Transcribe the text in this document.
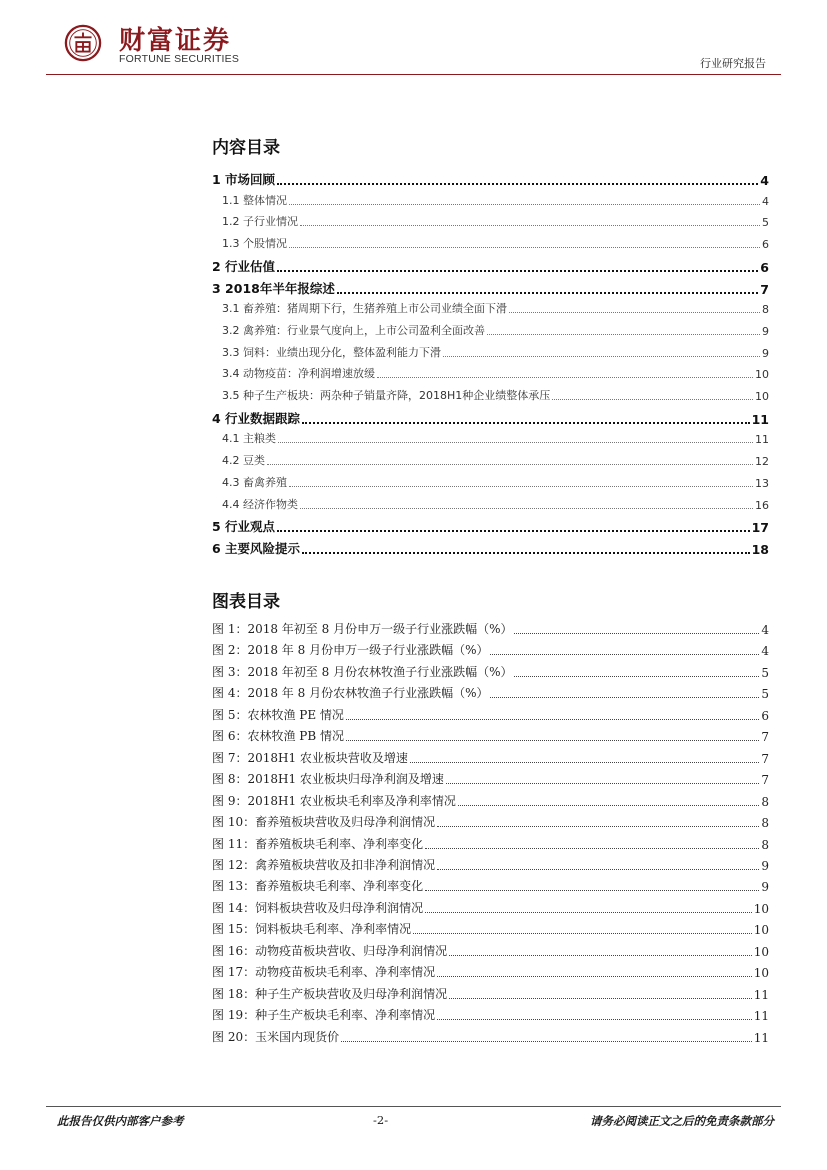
财富证券
FORTUNE SECURITIES	行业研究报告
内容目录
1 市场回顾	4
1.1 整体情况	4
1.2 子行业情况	5
1.3 个股情况	6
2 行业估值	6
3 2018年半年报综述	7
3.1 畜养殖：猪周期下行，生猪养殖上市公司业绩全面下滑	8
3.2 禽养殖：行业景气度向上，上市公司盈利全面改善	9
3.3 饲料：业绩出现分化，整体盈利能力下滑	9
3.4 动物疫苗：净利润增速放缓	10
3.5 种子生产板块：两杂种子销量齐降，2018H1种企业绩整体承压	10
4 行业数据跟踪	11
4.1 主粮类	11
4.2 豆类	12
4.3 畜禽养殖	13
4.4 经济作物类	16
5 行业观点	17
6 主要风险提示	18
图表目录
图 1：2018 年初至 8 月份申万一级子行业涨跌幅（%）	4
图 2：2018 年 8 月份申万一级子行业涨跌幅（%）	4
图 3：2018 年初至 8 月份农林牧渔子行业涨跌幅（%）	5
图 4：2018 年 8 月份农林牧渔子行业涨跌幅（%）	5
图 5：农林牧渔 PE 情况	6
图 6：农林牧渔 PB 情况	7
图 7：2018H1 农业板块营收及增速	7
图 8：2018H1 农业板块归母净利润及增速	7
图 9：2018H1 农业板块毛利率及净利率情况	8
图 10：畜养殖板块营收及归母净利润情况	8
图 11：畜养殖板块毛利率、净利率变化	8
图 12：禽养殖板块营收及扣非净利润情况	9
图 13：畜养殖板块毛利率、净利率变化	9
图 14：饲料板块营收及归母净利润情况	10
图 15：饲料板块毛利率、净利率情况	10
图 16：动物疫苗板块营收、归母净利润情况	10
图 17：动物疫苗板块毛利率、净利率情况	10
图 18：种子生产板块营收及归母净利润情况	11
图 19：种子生产板块毛利率、净利率情况	11
图 20：玉米国内现货价	11
此报告仅供内部客户参考	-2-	请务必阅读正文之后的免责条款部分
